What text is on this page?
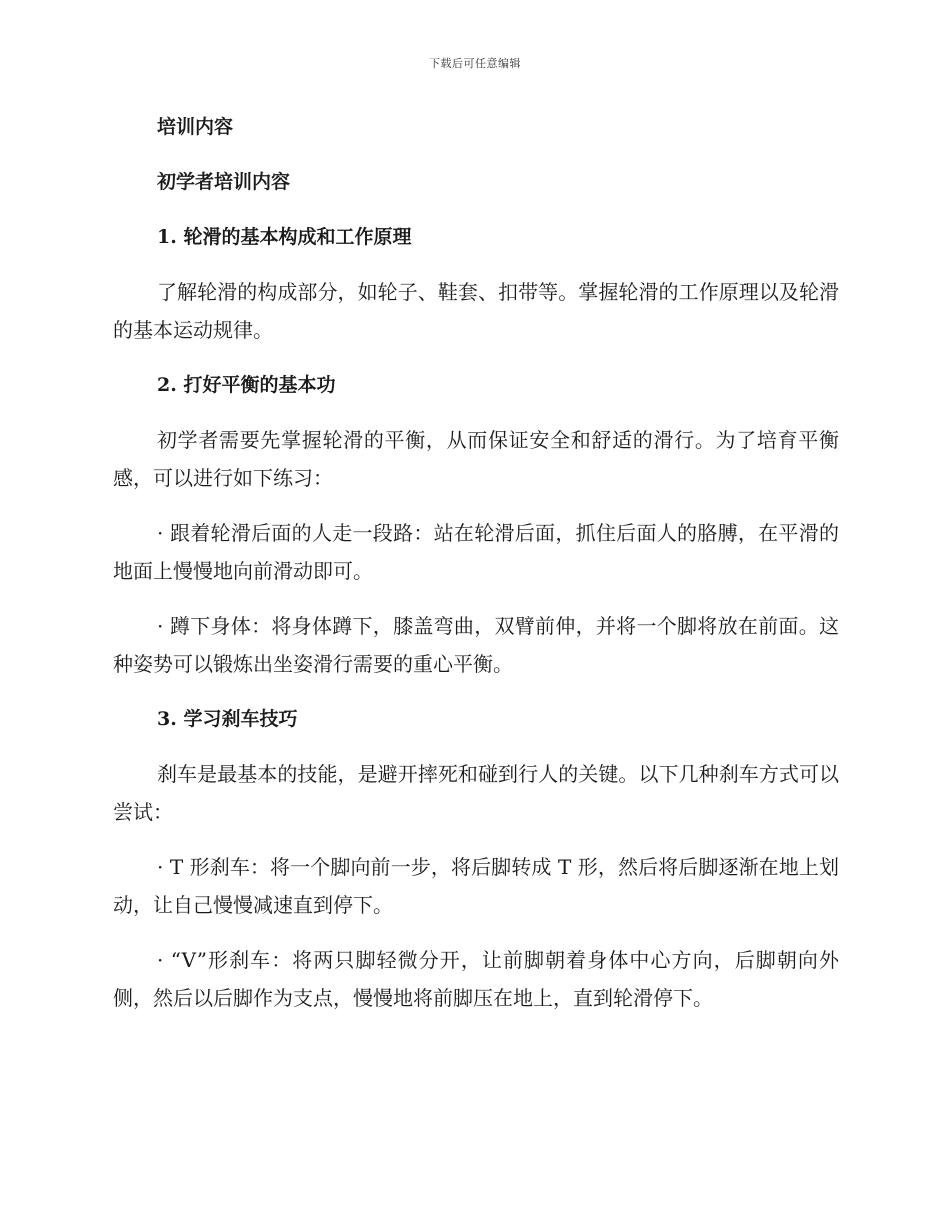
下载后可任意编辑

培训内容

初学者培训内容

1. 轮滑的基本构成和工作原理

了解轮滑的构成部分，如轮子、鞋套、扣带等。掌握轮滑的工作原理以及轮滑的基本运动规律。

2. 打好平衡的基本功

初学者需要先掌握轮滑的平衡，从而保证安全和舒适的滑行。为了培育平衡感，可以进行如下练习：

· 跟着轮滑后面的人走一段路：站在轮滑后面，抓住后面人的胳膊，在平滑的地面上慢慢地向前滑动即可。

· 蹲下身体：将身体蹲下，膝盖弯曲，双臂前伸，并将一个脚将放在前面。这种姿势可以锻炼出坐姿滑行需要的重心平衡。

3. 学习刹车技巧

刹车是最基本的技能，是避开摔死和碰到行人的关键。以下几种刹车方式可以尝试：

· T 形刹车：将一个脚向前一步，将后脚转成 T 形，然后将后脚逐渐在地上划动，让自己慢慢减速直到停下。

· “V”形刹车：将两只脚轻微分开，让前脚朝着身体中心方向，后脚朝向外侧，然后以后脚作为支点，慢慢地将前脚压在地上，直到轮滑停下。
